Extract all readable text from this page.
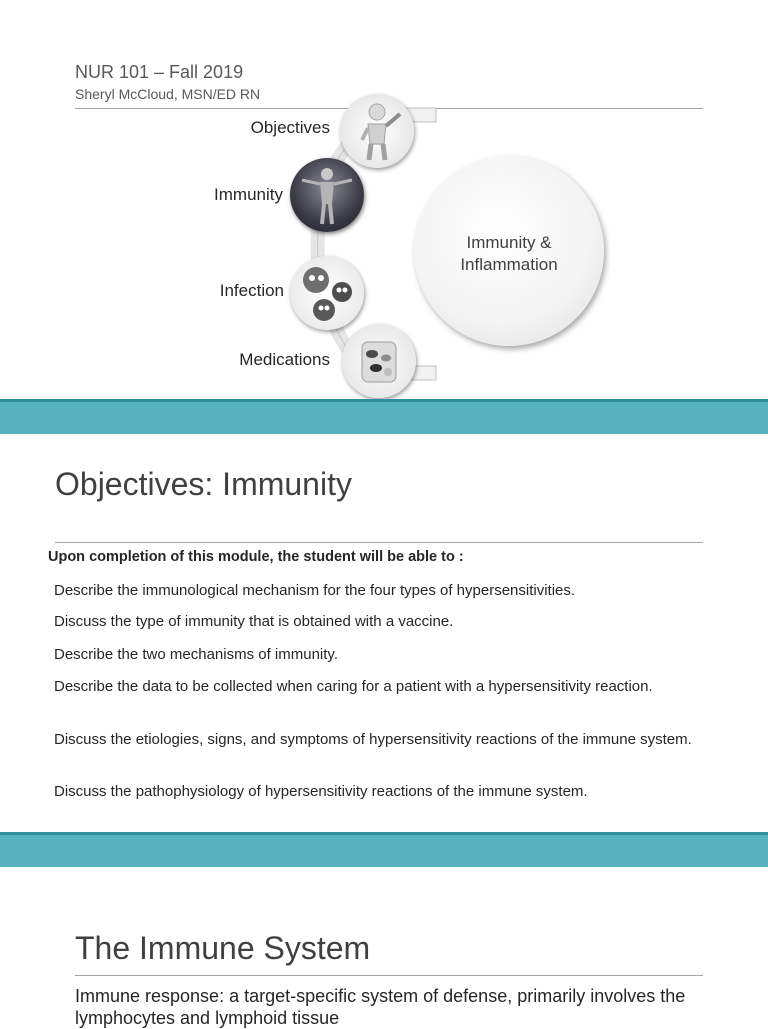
NUR 101 – Fall 2019
Sheryl McCloud, MSN/ED RN
Objectives
Immunity
Infection
Medications
Immunity &
Inflammation
Objectives: Immunity
Upon completion of this module, the student will be able to :
Describe the immunological mechanism for the four types of hypersensitivities.
Discuss the type of immunity that is obtained with a vaccine.
Describe the two mechanisms of immunity.
Describe the data to be collected when caring for a patient with a hypersensitivity reaction.
Discuss the etiologies, signs, and symptoms of hypersensitivity reactions of the immune system.
Discuss the pathophysiology of hypersensitivity reactions of the immune system.
The Immune System
Immune response: a target-specific system of defense, primarily involves the lymphocytes and lymphoid tissue
